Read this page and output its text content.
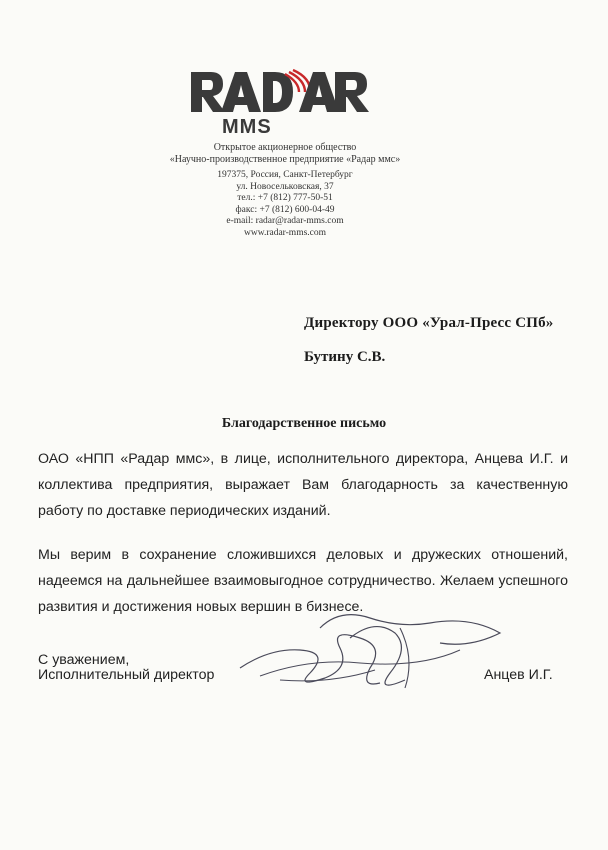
MMS
Открытое акционерное общество
«Научно-производственное предприятие «Радар ммс»
197375, Россия, Санкт-Петербург
ул. Новосельковская, 37
тел.: +7 (812) 777-50-51
факс: +7 (812) 600-04-49
e-mail: radar@radar-mms.com
www.radar-mms.com
Директору ООО «Урал-Пресс СПб»
Бутину С.В.
Благодарственное письмо
ОАО «НПП «Радар ммс», в лице, исполнительного директора, Анцева И.Г. и коллектива предприятия, выражает Вам благодарность за качественную работу по доставке периодических изданий.
Мы верим в сохранение сложившихся деловых и дружеских отношений, надеемся на дальнейшее взаимовыгодное сотрудничество. Желаем успешного развития и достижения новых вершин в бизнесе.
С уважением,
Исполнительный директор	Анцев И.Г.
